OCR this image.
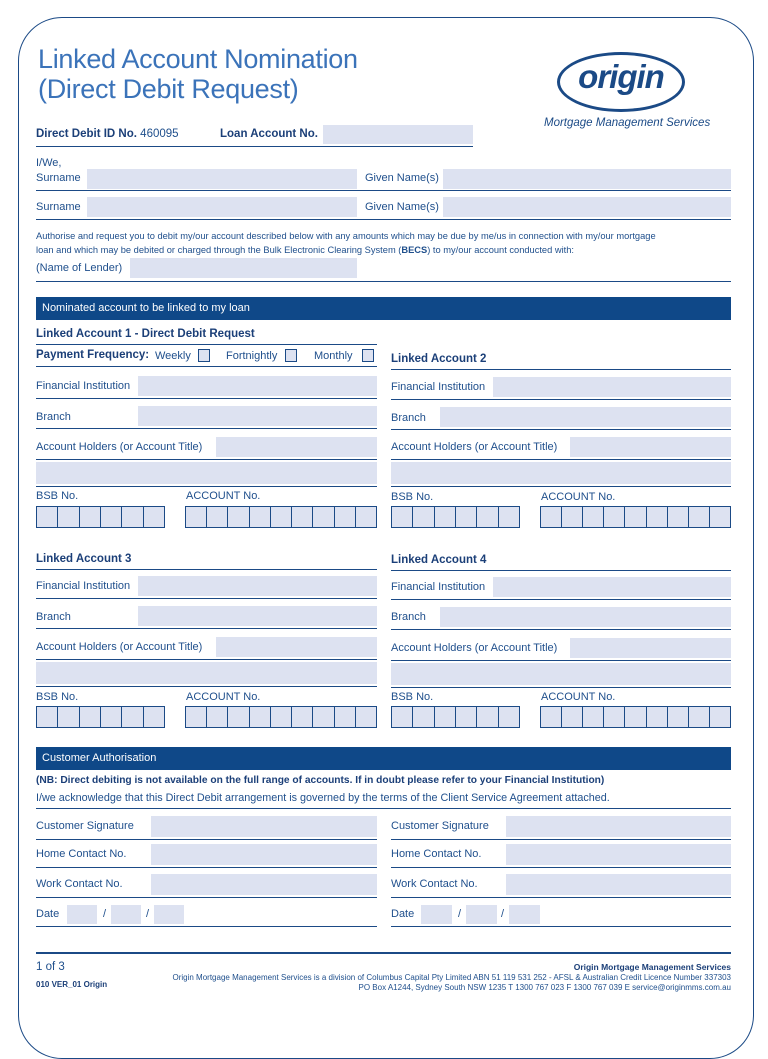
Linked Account Nomination
(Direct Debit Request)	origin
Mortgage Management Services
Direct Debit ID No. 460095	Loan Account No.
I/We,
Surname	Given Name(s)
Surname	Given Name(s)
Authorise and request you to debit my/our account described below with any amounts which may be due by me/us in connection with my/our mortgage
loan and which may be debited or charged through the Bulk Electronic Clearing System (BECS) to my/our account conducted with:
(Name of Lender)
Nominated account to be linked to my loan
Linked Account 1 - Direct Debit Request
Payment Frequency: Weekly	Fortnightly	Monthly
Financial Institution
Branch
Account Holders (or Account Title)
BSB No.	ACCOUNT No.
Linked Account 2
Financial Institution
Branch
Account Holders (or Account Title)
BSB No.	ACCOUNT No.
Linked Account 3
Financial Institution
Branch
Account Holders (or Account Title)
BSB No.	ACCOUNT No.
Linked Account 4
Financial Institution
Branch
Account Holders (or Account Title)
BSB No.	ACCOUNT No.
Customer Authorisation
(NB: Direct debiting is not available on the full range of accounts. If in doubt please refer to your Financial Institution)
I/we acknowledge that this Direct Debit arrangement is governed by the terms of the Client Service Agreement attached.
Customer Signature
Home Contact No.
Work Contact No.
Date	/	/
Customer Signature
Home Contact No.
Work Contact No.
Date	/	/
1 of 3
010 VER_01 Origin
Origin Mortgage Management Services
Origin Mortgage Management Services is a division of Columbus Capital Pty Limited ABN 51 119 531 252 - AFSL & Australian Credit Licence Number 337303
PO Box A1244, Sydney South NSW 1235 T 1300 767 023 F 1300 767 039 E service@originmms.com.au
